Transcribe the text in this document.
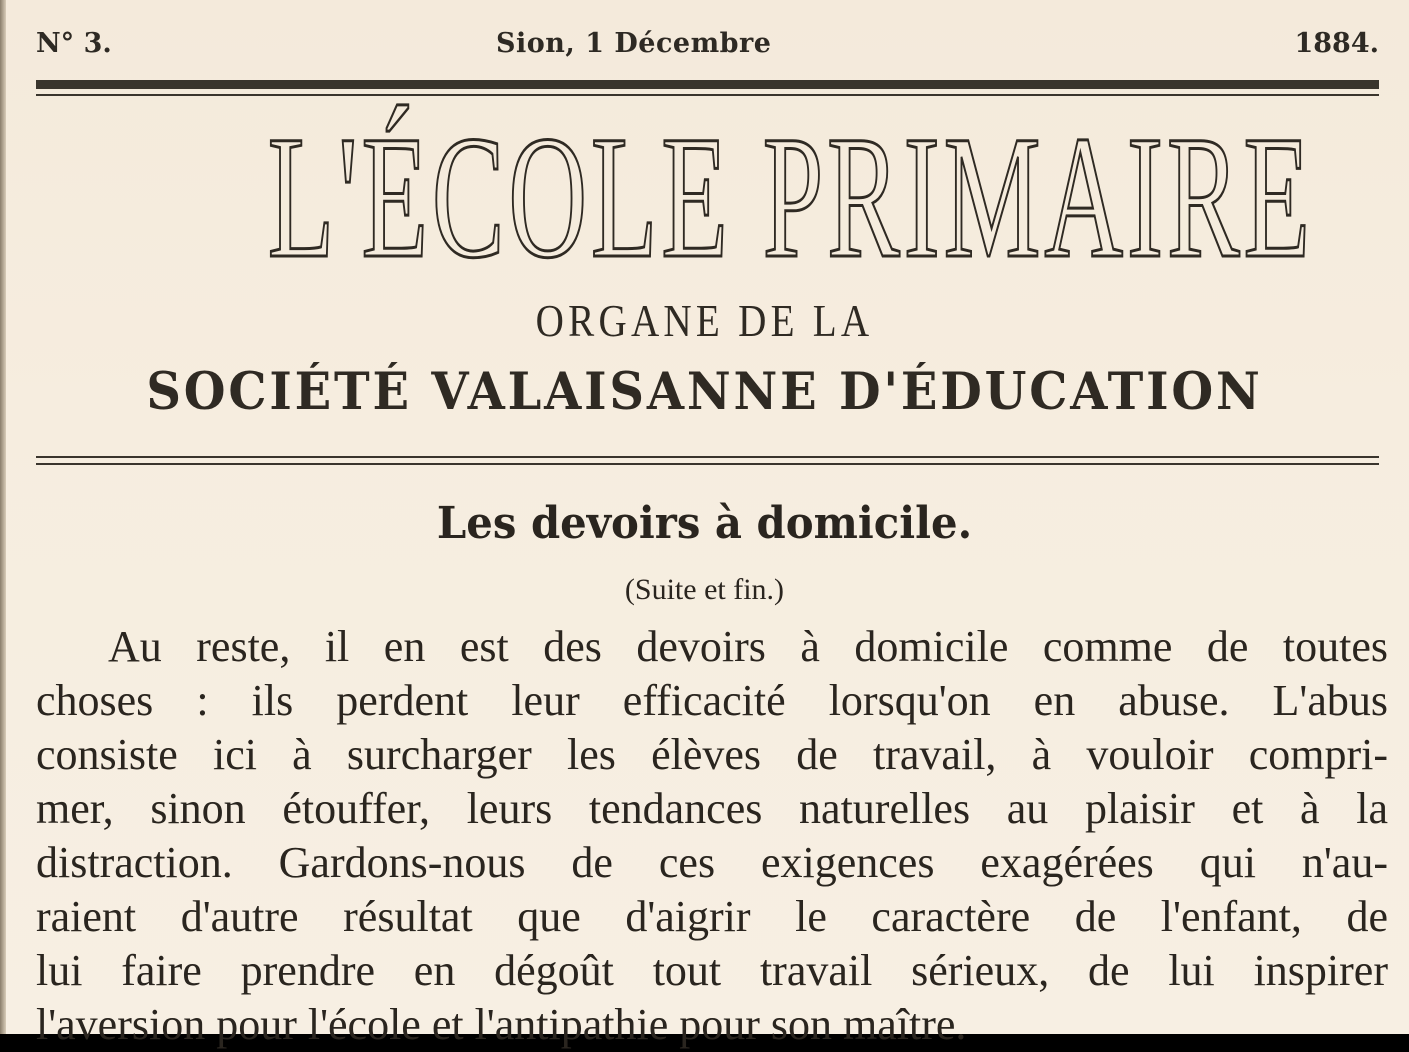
N° 3.	Sion, 1 Décembre	1884.
L'ÉCOLE PRIMAIRE
ORGANE DE LA
SOCIÉTÉ VALAISANNE D'ÉDUCATION
Les devoirs à domicile.
(Suite et fin.)
Au reste, il en est des devoirs à domicile comme de toutes
choses : ils perdent leur efficacité lorsqu'on en abuse. L'abus
consiste ici à surcharger les élèves de travail, à vouloir compri-
mer, sinon étouffer, leurs tendances naturelles au plaisir et à la
distraction. Gardons-nous de ces exigences exagérées qui n'au-
raient d'autre résultat que d'aigrir le caractère de l'enfant, de
lui faire prendre en dégoût tout travail sérieux, de lui inspirer
l'aversion pour l'école et l'antipathie pour son maître.
